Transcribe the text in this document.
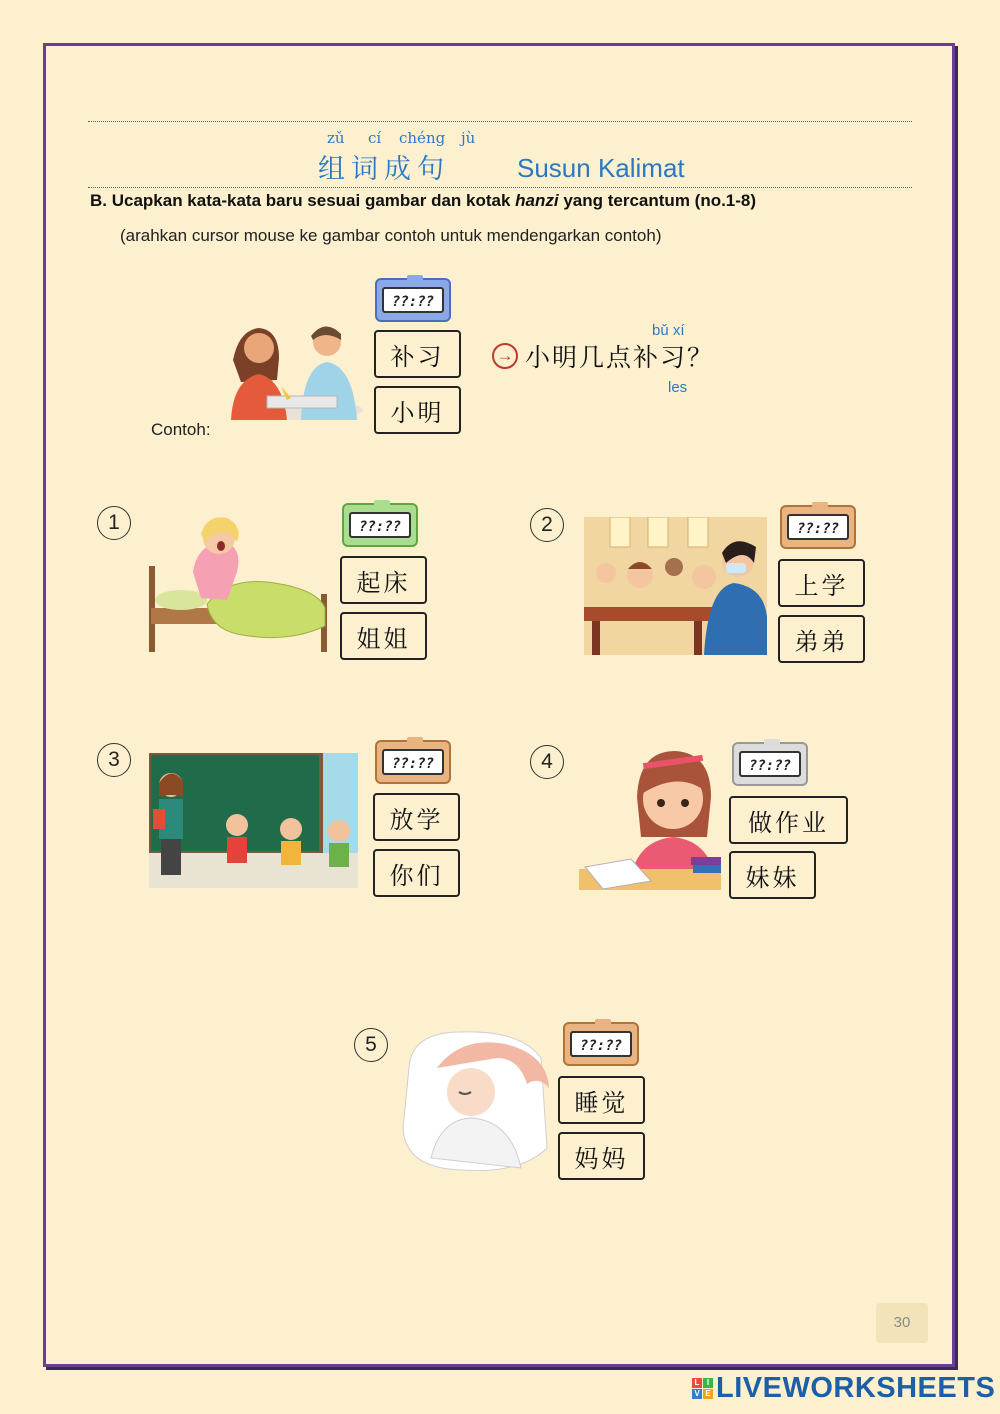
zǔ cí chéng jù
组词成句	Susun Kalimat
B. Ucapkan kata-kata baru sesuai gambar dan kotak hanzi yang tercantum (no.1-8)
(arahkan cursor mouse ke gambar contoh untuk mendengarkan contoh)
??:??
补习
小明
Contoh:
→
bǔ xí
小明几点补习？
les
1	??:??
起床
姐姐
2	??:??
上学
弟弟
3	??:??
放学
你们
4	??:??
做作业
妹妹
5	??:??
睡觉
妈妈
30
L I
V E LIVEWORKSHEETS
